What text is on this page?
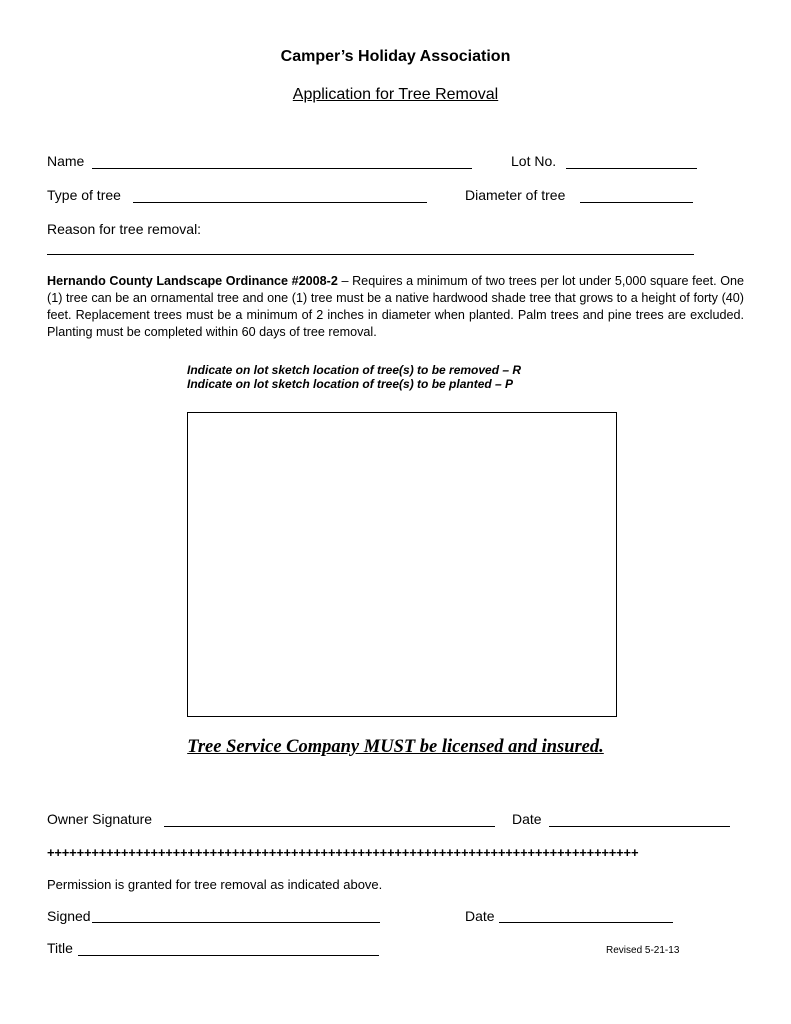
Camper’s Holiday Association
Application for Tree Removal
Name	Lot No.
Type of tree	Diameter of tree
Reason for tree removal:
Hernando County Landscape Ordinance #2008-2 – Requires a minimum of two trees per lot under 5,000 square feet. One (1) tree can be an ornamental tree and one (1) tree must be a native hardwood shade tree that grows to a height of forty (40) feet. Replacement trees must be a minimum of 2 inches in diameter when planted. Palm trees and pine trees are excluded. Planting must be completed within 60 days of tree removal.
Indicate on lot sketch location of tree(s) to be removed – R
Indicate on lot sketch location of tree(s) to be planted – P
Tree Service Company MUST be licensed and insured.
Owner Signature	Date
++++++++++++++++++++++++++++++++++++++++++++++++++++++++++++++++++++++++++++++++
Permission is granted for tree removal as indicated above.
Signed	Date
Title	Revised 5-21-13
